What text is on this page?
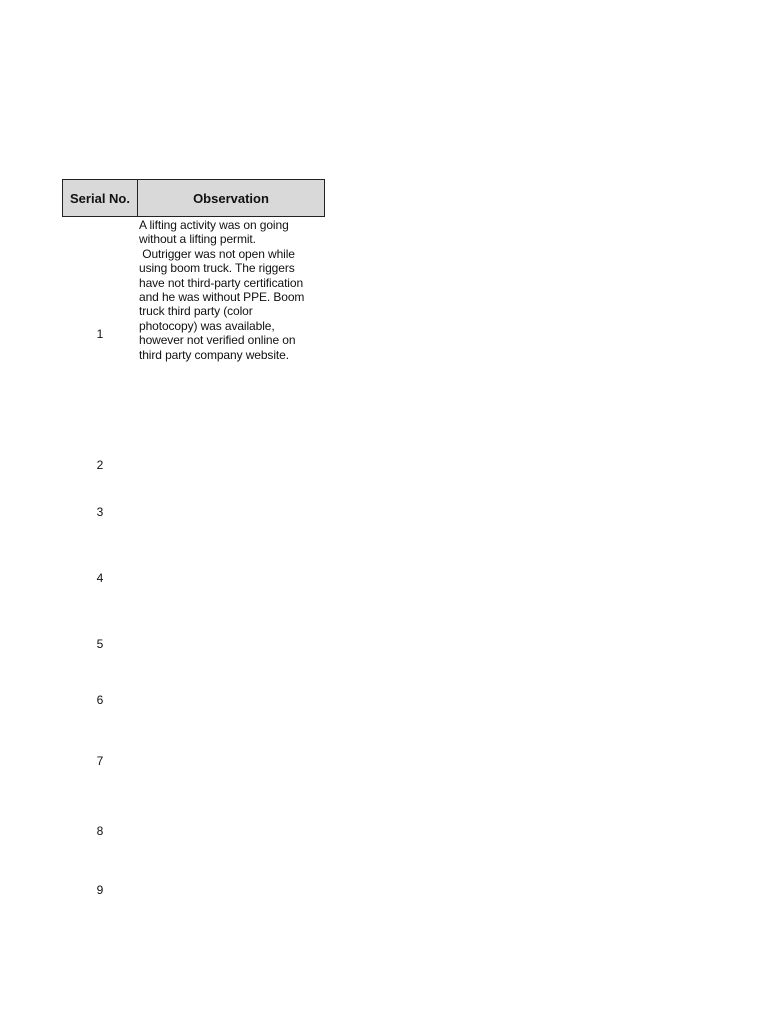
Serial No.	Observation
A lifting activity was on going
without a lifting permit.
Outrigger was not open while
using boom truck. The riggers
have not third-party certification
and he was without PPE. Boom
truck third party (color
photocopy) was available,
however not verified online on
third party company website.
1
2
3
4
5
6
7
8
9
